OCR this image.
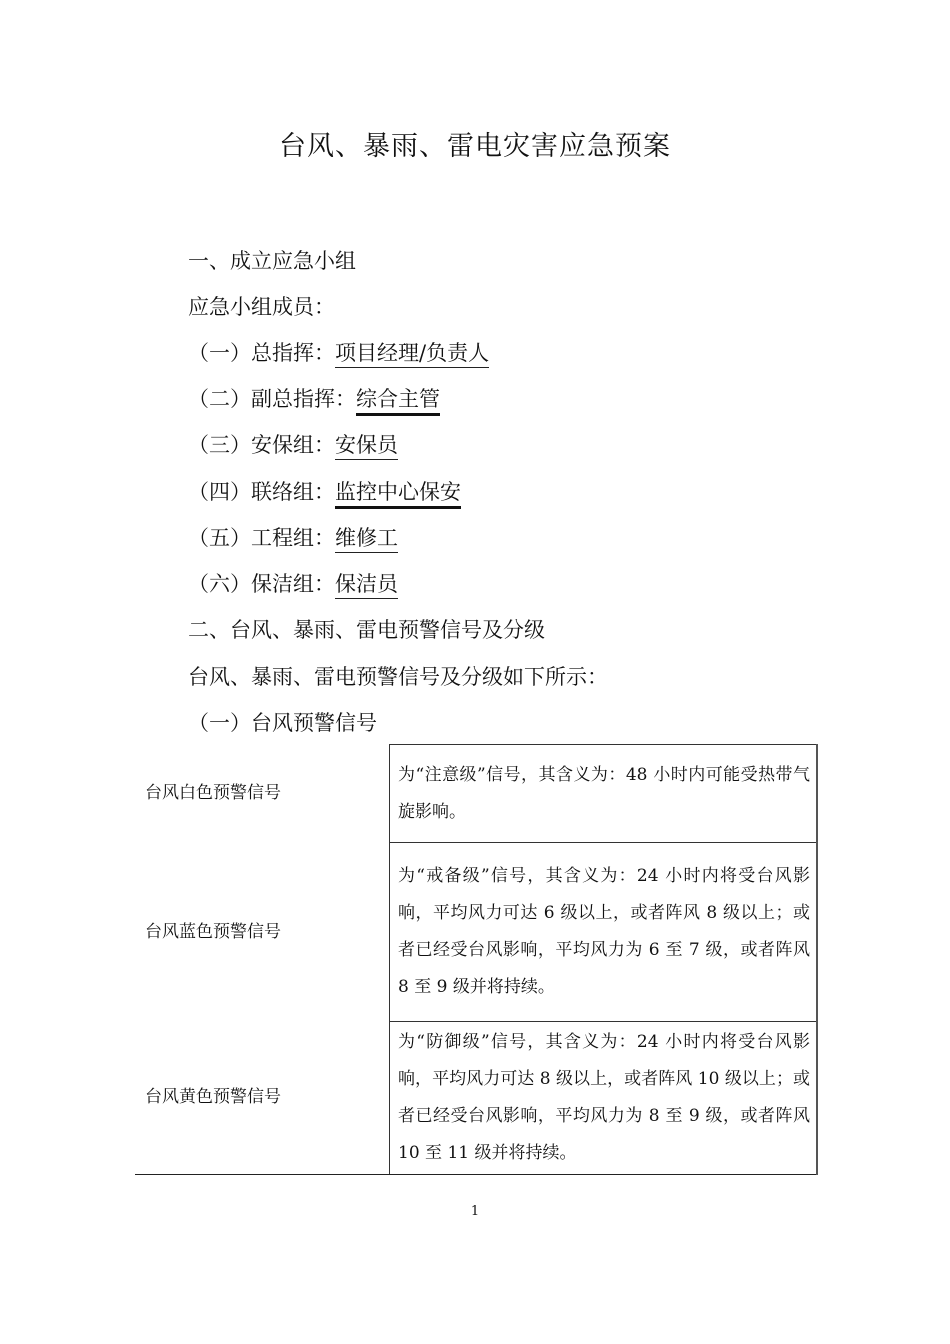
台风、暴雨、雷电灾害应急预案
一、成立应急小组
应急小组成员：
（一）总指挥：项目经理/负责人
（二）副总指挥：综合主管
（三）安保组：安保员
（四）联络组：监控中心保安
（五）工程组：维修工
（六）保洁组：保洁员
二、台风、暴雨、雷电预警信号及分级
台风、暴雨、雷电预警信号及分级如下所示：
（一）台风预警信号
台风白色预警信号	为“注意级”信号，其含义为：48 小时内可能受热带气旋影响。
台风蓝色预警信号	为“戒备级”信号，其含义为：24 小时内将受台风影响，平均风力可达 6 级以上，或者阵风 8 级以上；或者已经受台风影响，平均风力为 6 至 7 级，或者阵风 8 至 9 级并将持续。
台风黄色预警信号	为“防御级”信号，其含义为：24 小时内将受台风影响，平均风力可达 8 级以上，或者阵风 10 级以上；或者已经受台风影响，平均风力为 8 至 9 级，或者阵风 10 至 11 级并将持续。
1
